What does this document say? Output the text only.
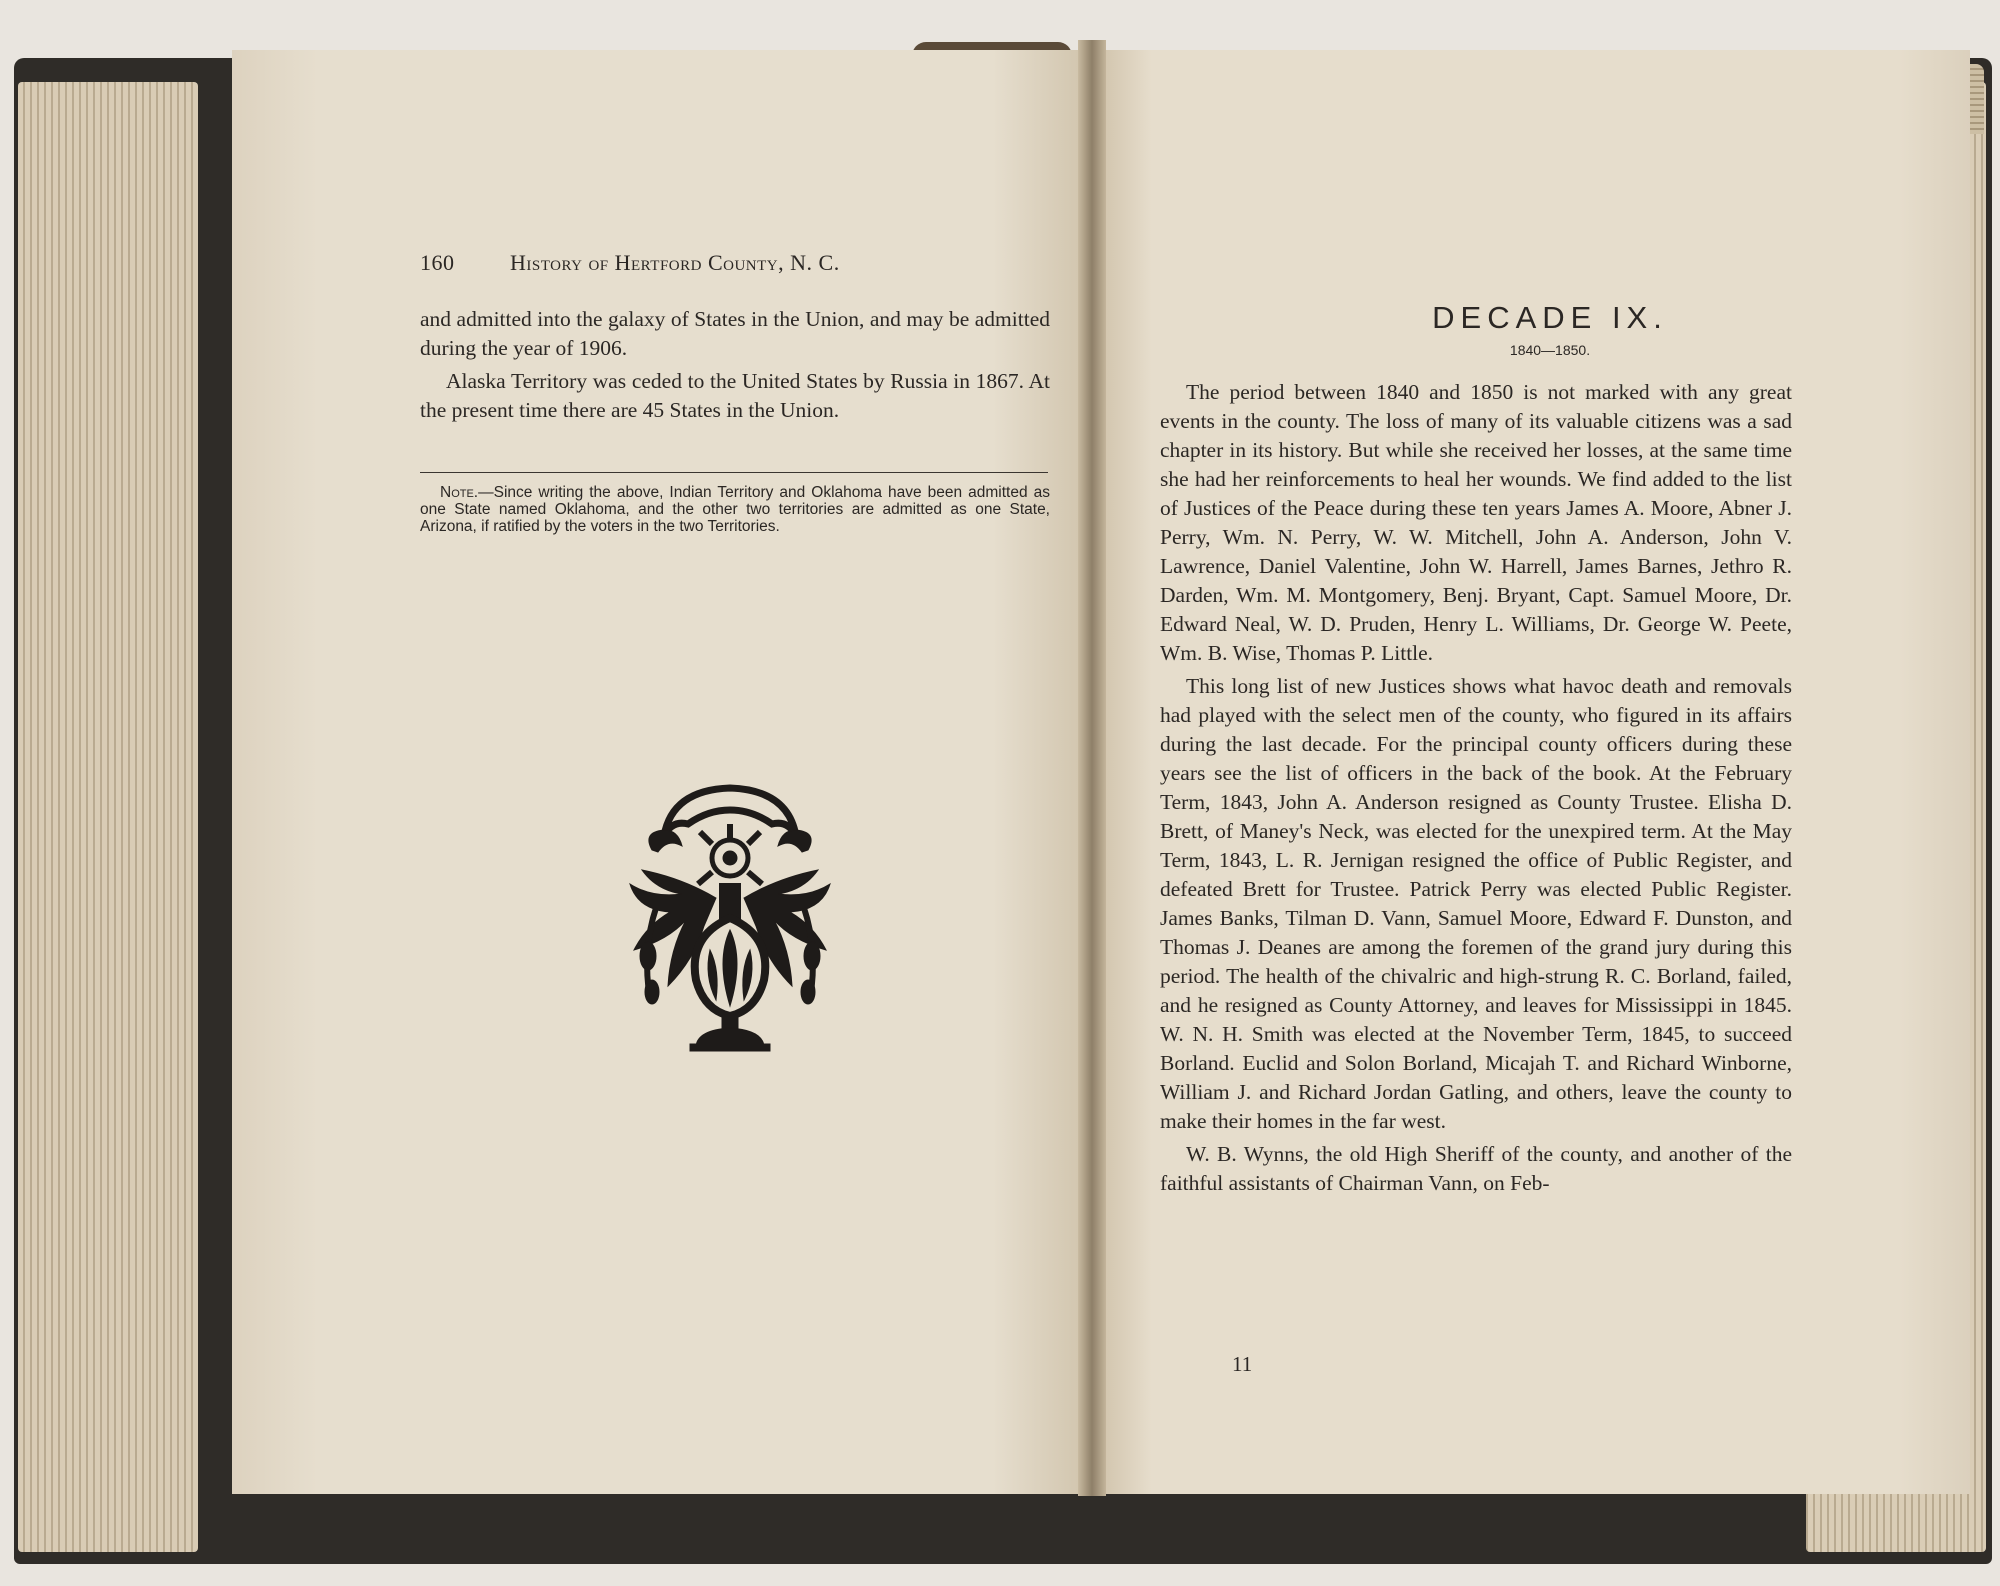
160	History of Hertford County, N. C.

and admitted into the galaxy of States in the Union, and may be admitted during the year of 1906.

Alaska Territory was ceded to the United States by Russia in 1867. At the present time there are 45 States in the Union.

Note.—Since writing the above, Indian Territory and Oklahoma have been admitted as one State named Oklahoma, and the other two territories are admitted as one State, Arizona, if ratified by the voters in the two Territories.
DECADE IX.
1840—1850.

The period between 1840 and 1850 is not marked with any great events in the county. The loss of many of its valuable citizens was a sad chapter in its history. But while she received her losses, at the same time she had her reinforcements to heal her wounds. We find added to the list of Justices of the Peace during these ten years James A. Moore, Abner J. Perry, Wm. N. Perry, W. W. Mitchell, John A. Anderson, John V. Lawrence, Daniel Valentine, John W. Harrell, James Barnes, Jethro R. Darden, Wm. M. Montgomery, Benj. Bryant, Capt. Samuel Moore, Dr. Edward Neal, W. D. Pruden, Henry L. Williams, Dr. George W. Peete, Wm. B. Wise, Thomas P. Little.

This long list of new Justices shows what havoc death and removals had played with the select men of the county, who figured in its affairs during the last decade. For the principal county officers during these years see the list of officers in the back of the book. At the February Term, 1843, John A. Anderson resigned as County Trustee. Elisha D. Brett, of Maney's Neck, was elected for the unexpired term. At the May Term, 1843, L. R. Jernigan resigned the office of Public Register, and defeated Brett for Trustee. Patrick Perry was elected Public Register. James Banks, Tilman D. Vann, Samuel Moore, Edward F. Dunston, and Thomas J. Deanes are among the foremen of the grand jury during this period. The health of the chivalric and high-strung R. C. Borland, failed, and he resigned as County Attorney, and leaves for Mississippi in 1845. W. N. H. Smith was elected at the November Term, 1845, to succeed Borland. Euclid and Solon Borland, Micajah T. and Richard Winborne, William J. and Richard Jordan Gatling, and others, leave the county to make their homes in the far west.

W. B. Wynns, the old High Sheriff of the county, and another of the faithful assistants of Chairman Vann, on Feb-

11
